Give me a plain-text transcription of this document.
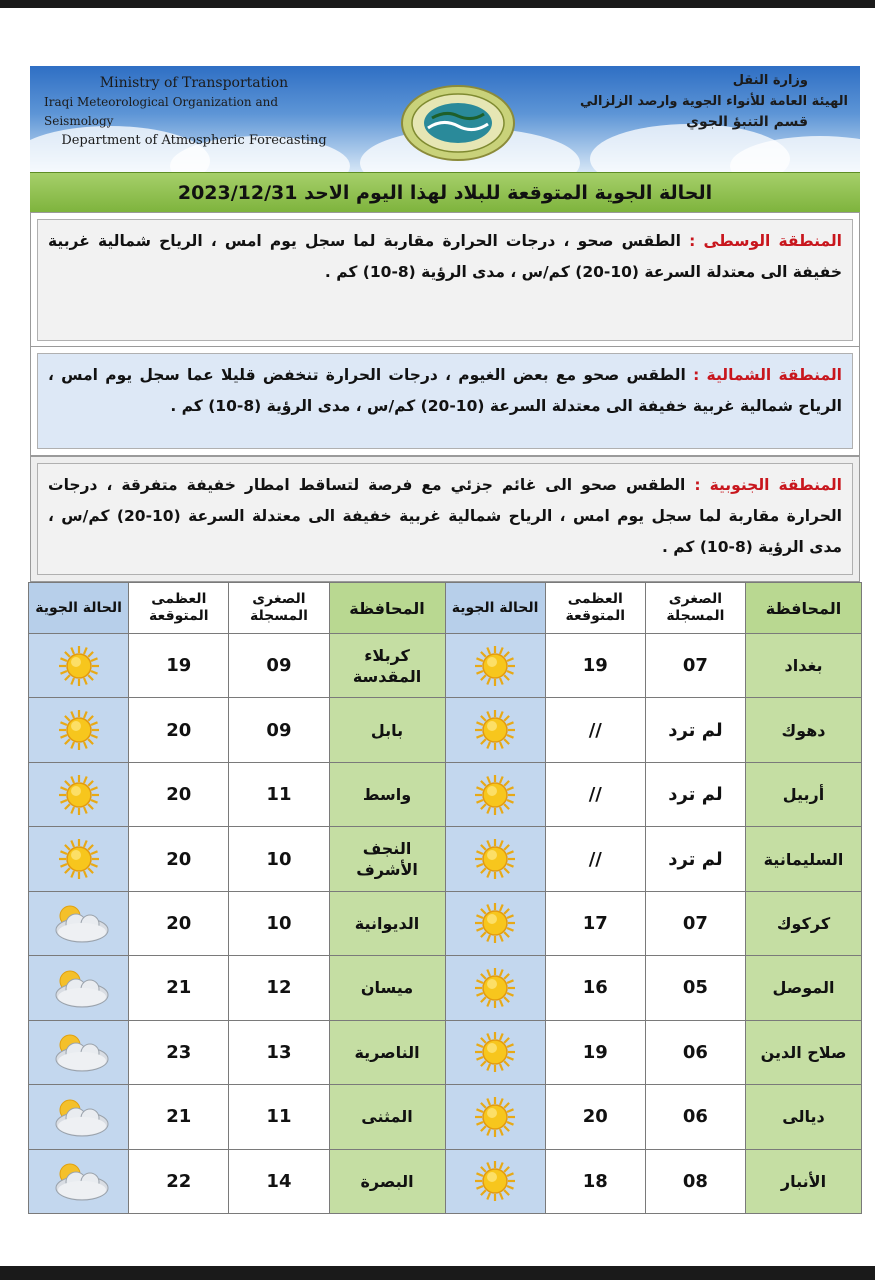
Ministry of Transportation
Iraqi Meteorological Organization and Seismology
Department of Atmospheric Forecasting
وزارة النقل
الهيئة العامة للأنواء الجوية وارصد الزلزالي
قسم التنبؤ الجوي
الحالة الجوية المتوقعة للبلاد لهذا اليوم الاحد 2023/12/31
المنطقة الوسطى : الطقس صحو ، درجات الحرارة مقاربة لما سجل يوم امس ، الرياح شمالية غربية خفيفة الى معتدلة السرعة (10-20) كم/س ، مدى الرؤية (8-10) كم .
المنطقة الشمالية : الطقس صحو مع بعض الغيوم ، درجات الحرارة تنخفض قليلا عما سجل يوم امس ، الرياح شمالية غربية خفيفة الى معتدلة السرعة (10-20) كم/س ، مدى الرؤية (8-10) كم .
المنطقة الجنوبية : الطقس صحو الى غائم جزئي مع فرصة لتساقط امطار خفيفة متفرقة ، درجات الحرارة مقاربة لما سجل يوم امس ، الرياح شمالية غربية خفيفة الى معتدلة السرعة (10-20) كم/س ، مدى الرؤية (8-10) كم .
المحافظة	الصغرى المسجلة	العظمى المتوقعة	الحالة الجوية	المحافظة	الصغرى المسجلة	العظمى المتوقعة	الحالة الجوية
بغداد	07	19		كربلاء المقدسة	09	19	
دهوك	لم ترد	//		بابل	09	20	
أربيل	لم ترد	//		واسط	11	20	
السليمانية	لم ترد	//		النجف الأشرف	10	20	
كركوك	07	17		الديوانية	10	20	
الموصل	05	16		ميسان	12	21	
صلاح الدين	06	19		الناصرية	13	23	
ديالى	06	20		المثنى	11	21	
الأنبار	08	18		البصرة	14	22	
